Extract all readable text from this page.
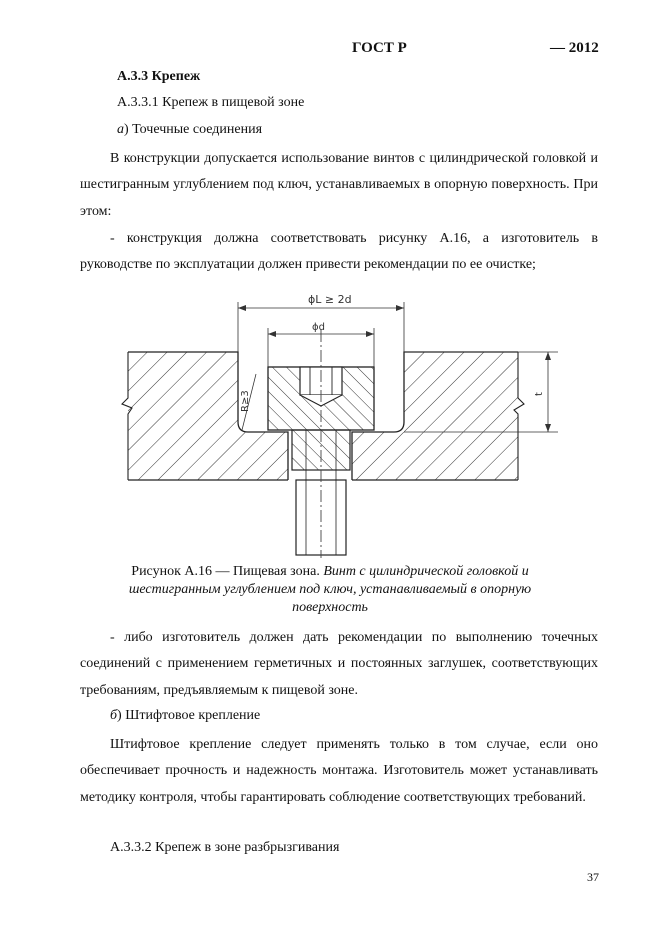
ГОСТ Р	— 2012
А.3.3 Крепеж
А.3.3.1 Крепеж в пищевой зоне
а) Точечные соединения
В конструкции допускается использование винтов с цилиндрической головкой и шестигранным углублением под ключ, устанавливаемых в опорную поверхность. При этом:
- конструкция должна соответствовать рисунку А.16, а изготовитель в руководстве по эксплуатации должен привести рекомендации по ее очистке;
ϕL ≥ 2d
ϕd
R≥3	t
Рисунок А.16 — Пищевая зона. Винт с цилиндрической головкой и шестигранным углублением под ключ, устанавливаемый в опорную поверхность
- либо изготовитель должен дать рекомендации по выполнению точечных соединений с применением герметичных и постоянных заглушек, соответствующих требованиям, предъявляемым к пищевой зоне.
б) Штифтовое крепление
Штифтовое крепление следует применять только в том случае, если оно обеспечивает прочность и надежность монтажа. Изготовитель может устанавливать методику контроля, чтобы гарантировать соблюдение соответствующих требований.
А.3.3.2 Крепеж в зоне разбрызгивания
37
